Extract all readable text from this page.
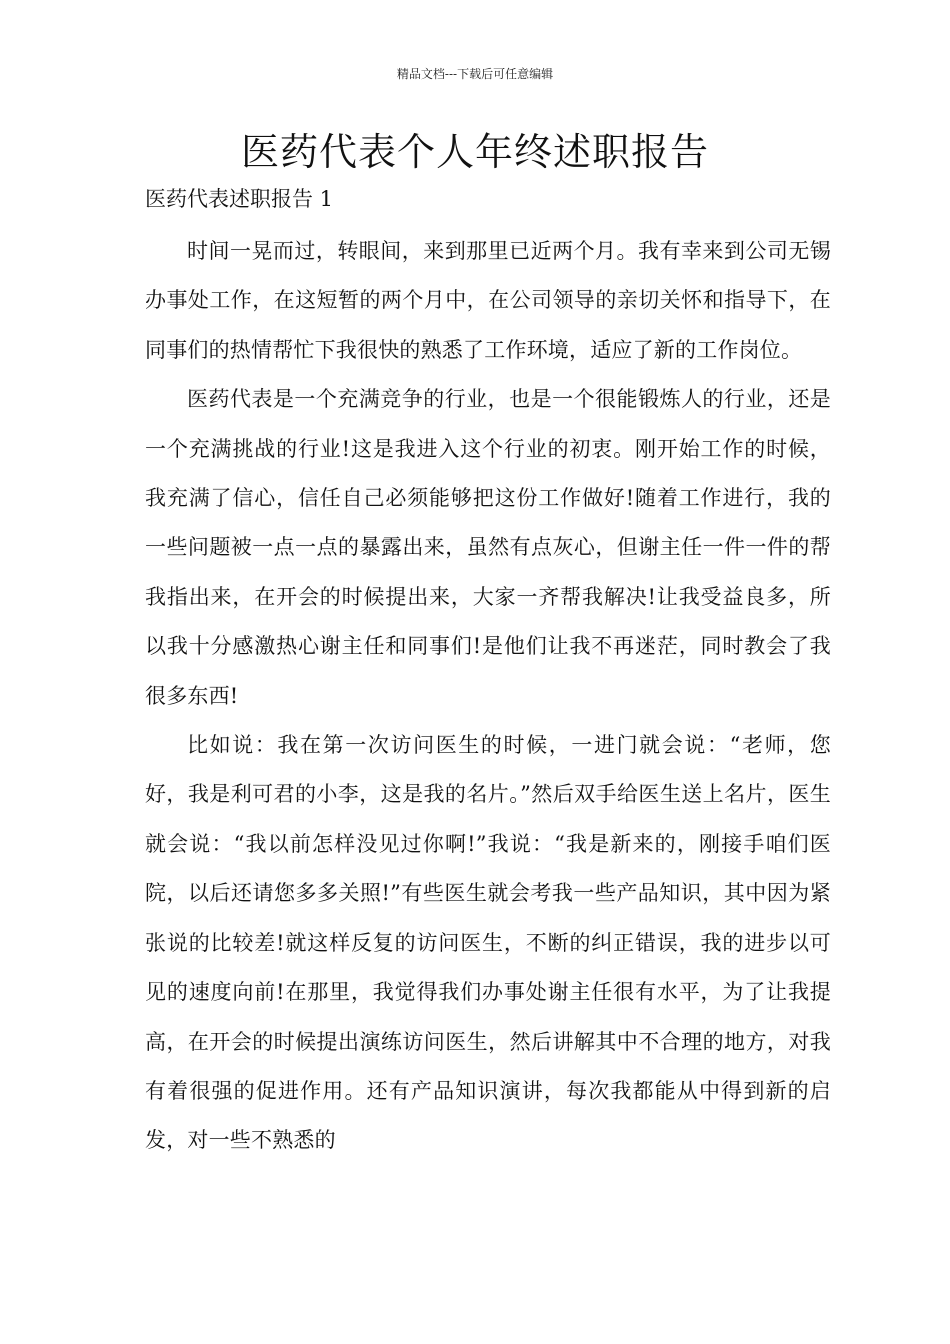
精品文档---下载后可任意编辑
医药代表个人年终述职报告
医药代表述职报告 1

时间一晃而过，转眼间，来到那里已近两个月。我有幸来到公司无锡办事处工作，在这短暂的两个月中，在公司领导的亲切关怀和指导下，在同事们的热情帮忙下我很快的熟悉了工作环境，适应了新的工作岗位。

医药代表是一个充满竞争的行业，也是一个很能锻炼人的行业，还是一个充满挑战的行业!这是我进入这个行业的初衷。刚开始工作的时候，我充满了信心，信任自己必须能够把这份工作做好!随着工作进行，我的一些问题被一点一点的暴露出来，虽然有点灰心，但谢主任一件一件的帮我指出来，在开会的时候提出来，大家一齐帮我解决!让我受益良多，所以我十分感激热心谢主任和同事们!是他们让我不再迷茫，同时教会了我很多东西!

比如说：我在第一次访问医生的时候，一进门就会说：“老师，您好，我是利可君的小李，这是我的名片。”然后双手给医生送上名片，医生就会说：“我以前怎样没见过你啊!”我说：“我是新来的，刚接手咱们医院，以后还请您多多关照!”有些医生就会考我一些产品知识，其中因为紧张说的比较差!就这样反复的访问医生，不断的纠正错误，我的进步以可见的速度向前!在那里，我觉得我们办事处谢主任很有水平，为了让我提高，在开会的时候提出演练访问医生，然后讲解其中不合理的地方，对我有着很强的促进作用。还有产品知识演讲，每次我都能从中得到新的启发，对一些不熟悉的
